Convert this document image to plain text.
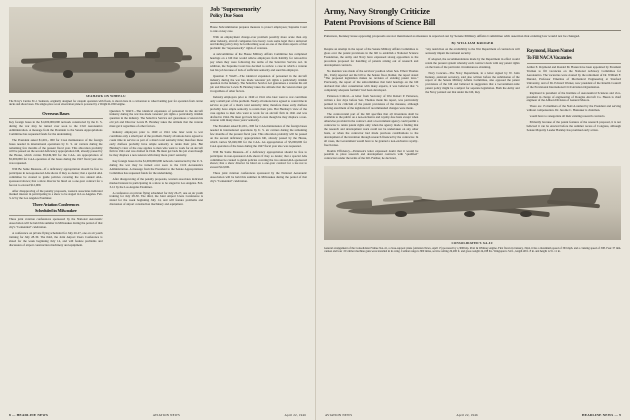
SEAHAWK ON WHEELS:
The Navy's Curtiss SC-1 Seahawk, originally designed for catapult operation with floats, is shown here in a conversion to wheel landing gear for operation from carrier decks and shore bases. The single-place scout observation plane is powered by a Wright R-1820 engine.
Overseas Bases

Key foreign bases in the $1,000,000,000 network constructed by the U. S. during the war may be turned over soon to the Civil Aeronautics Administration. A message from the President to the Senate Appropriations Committee has requested funds for the undertaking.

The President asked $1,601,- 000 for CAA maintenance of the foreign bases needed in international operations by U. S. air carriers during the remaining few months of the present fiscal year. This allocation probably will be passed on the second deficiency appropriation bill, already passed by the House, which carries $5,049,300 for the CAA. An appropriation of $5,000,000 for CAA operation of the bases during the 1947 fiscal year also was requested.

Will Be Same Measure—If a deficiency appropriation should be free to participate in non-sponsored AIA shows if they so desire; that a special AIA committee be created to guide policies covering the two annual AIA-sponsored shows; that a show director be hired on a one-year contract for a fee not to exceed $12,000.

After disapproving of the penalty proposals, western associates indicated marked interest in participating in a show to be staged in Los Angeles. Feb. 3-12 by the Los Angeles Examiner.

Three Aviation Conferences
Scheduled in Milwaukee

Three joint aviation conferences sponsored by the National Aeronautic Association will be held this summer in Milwaukee during the period of that city's "Centennial" celebration.

A conference on private flying scheduled for July 26-27, one on air youth training for July 28-30. The third, the Joint Airport Users Conference is slated for the week beginning July 14, and will feature problems and discussion of airport construction machinery and equipment.

Question 3: WAIT—The identical expansion of personnel in the aircraft industry during the war has made veterans' job rights a particularly ticklish question in the industry. The Selective Service Act guarantees a veteran his old job and Director Lewis B. Hershey takes the attitude that the veteran must get it regardless of other factors.

Industry employers prior to 1940 or 1941 who later went to war contribute only a small part of the problem. Nearly all unions have agreed to count time in service as part of a man's total seniority time; therefore these early draftees probably have ample seniority to retain their jobs. But Hershey's view of the case applies to men who went to work for an aircraft firm in 1941 and was drafted in 1944. He must get back his job even though he may displace a non-veteran with many more years' seniority.

Key foreign bases in the $1,000,000,000 network constructed by the U. S. during the war may be turned over soon to the Civil Aeronautics Administration. A message from the President to the Senate Appropriations Committee has requested funds for the undertaking.

After disapproving of the penalty proposals, western associates indicated marked interest in participating in a show to be staged in Los Angeles. Feb. 3-12 by the Los Angeles Examiner.

A conference on private flying scheduled for July 26-27, one on air youth training for July 28-30. The third, the Joint Airport Users Conference is slated for the week beginning July 14, and will feature problems and discussion of airport construction machinery and equipment.

Job 'Supersenority'
Policy Due Soon

House Subcommission prepares measure to protect employees; Supreme Court to rule on key case.

With an employment change-over problem possibly more acute than any other industry, aircraft companies face heavy costs some legal that a universal and binding policy may be forthcoming soon on one of the main aspects of that problem: the "supersenority" rights of veterans.

A subcommittee of the House Military Affairs Committee has completed hearings on a bill that would relieve employers from liability for retroactive pay when they were following the terms of the Selective Service Act. In addition, the Supreme Court has decided to review a case in which a veteran lost his job because of lack of sufficient seniority and sued his employer.

Question 3: WAIT—The identical expansion of personnel in the aircraft industry during the war has made veterans' job rights a particularly ticklish question in the industry. The Selective Service Act guarantees a veteran his old job and Director Lewis B. Hershey takes the attitude that the veteran must get it regardless of other factors.

Industry employers prior to 1940 or 1941 who later went to war contribute only a small part of the problem. Nearly all unions have agreed to count time in service as part of a man's total seniority time; therefore these early draftees probably have ample seniority to retain their jobs. But Hershey's view of the case applies to men who went to work for an aircraft firm in 1941 and was drafted in 1944. He must get back his job even though he may displace a non-veteran with many more years' seniority.

The President asked $1,601,- 000 for CAA maintenance of the foreign bases needed in international operations by U. S. air carriers during the remaining few months of the present fiscal year. This allocation probably will be passed on the second deficiency appropriation bill, already passed by the House, which carries $5,049,300 for the CAA. An appropriation of $5,000,000 for CAA operation of the bases during the 1947 fiscal year also was requested.

Will Be Same Measure—If a deficiency appropriation should be free to participate in non-sponsored AIA shows if they so desire; that a special AIA committee be created to guide policies covering the two annual AIA-sponsored shows; that a show director be hired on a one-year contract for a fee not to exceed $12,000.

Three joint aviation conferences sponsored by the National Aeronautic Association will be held this summer in Milwaukee during the period of that city's "Centennial" celebration.

8 — HEADLINE NEWS	AVIATION NEWS	April 22, 1946
Army, Navy Strongly Criticize
Patent Provisions of Science Bill
Patterson, Kenney lease opposing proposals are not mentioned as measure is reported out by Senate Military Affairs Committee with assertion that existing law would not be changed.
By WILLIAM KROGER

Despite an attempt in the report of the Senate Military Affairs Committee to gloss over the patent provisions in the bill to establish a National Science Foundation, the Army and Navy have expressed strong opposition to the procedure proposed for handling of patents arising out of research and development contracts.

No mention was made of the services' position when Sen. Elbert Thomas (D., Utah) reported out the bill to the Senate floor. Rather, the report stated "The proposed legislation makes no revision of existing patent laws." Previously, the report of the subcommittee that held hearings on the bill declared that after consultation with many experts, it was believed that "a completely adequate formula" had been developed.

Patterson Critical—A letter from Secretary of War Robert P. Patterson, written a few days before Sen. Thomas made his report, was particularly pointed in its criticism of the patent provisions of the measure, although leaving enactment of the legislation if recommended changes were made.

The controversial part of the bill specifies that all inventions shall be available to the public on a non-exclusive and royalty-free basis except when otherwise provided in the contract. And a Government agency could permit a contractor to retain patent rights only when the agency made a finding that the research and development work could not be undertaken on any other basis, or when the contractor had made previous contributions to the development of the invention through research financed by the contractor. In all cases, the Government would have to be granted a non-exclusive royalty-free license.

Doubts Efficiency—Patterson's letter expressed doubt that it would be possible to place research and development contracts with "qualified" contractors under the terms of the bill. Further, he declared,

"any restriction on the availability to the War Department of contractors will seriously impair the national security.

If adopted, the recommendations made by the Department in effect would retain the present system whereby each contract deals with any patent rights on the basis of the particular circumstances obtaining.

Navy Concurs—The Navy Department, in a letter signed by W. John Kenney, assistant secretary, said also written before the submission of the report of the Senate Military Affairs Committee, also opposed the patent provisions of the bill and believed in suggestion that a Government-wide patent policy might be a subject for separate legislation. Both the Army and the Navy pointed out that under the bill, they

Raymond, Hazen Named
To Fill NACA Vacancies

Arthur E. Raymond and Ronald M. Hazen have been appointed by President Truman to fill vacancies on the National Advisory Committee for Aeronautics. The vacancies were created by the retirement of Dr. William F. Durand, Professor Emeritus of Mechanical Engineering at Stanford University, and of Dr. Edward Warner, now president of the Interim Council of the Provisional International Civil Aviation Organization.

Raymond is president of the Institute of Aeronautical Sciences and vice-president in charge of engineering of Douglas Aircraft Co. Hazen is chief engineer of the Allison Division of General Motors.

There are 15 members of the NACA named by the President and serving without compensation. Dr. Jerome C. Hunsaker is chairman.

would have to renegotiate all their existing research contracts.

Primarily because of the patent features of the research proposal, it is not believed it can be enacted before the summer recess of Congress, although Senate Majority Leader Barkley has promised early action.

CONSOLIDATED'S XA-41:
General arrangement of the Consolidated Vultee XA-41, a close-support plane (Aviation News, April 15) powered by a 3000-hp. Pratt & Whitney engine. First flown in January, 1944, it has a maximum speed of 363 mph. and a cruising speed of 308. Four 37 mm. cannon and four .50 caliber machine guns were installed in its wing. Combat range is 800 miles, service ceiling 29,200 ft. and gross weight 24,188 lbs. Wingspan is 54 ft., length 48 ft. 8 in. and height 12 ft. 11 in.
AVIATION NEWS	April 22, 1946	HEADLINE NEWS — 9
